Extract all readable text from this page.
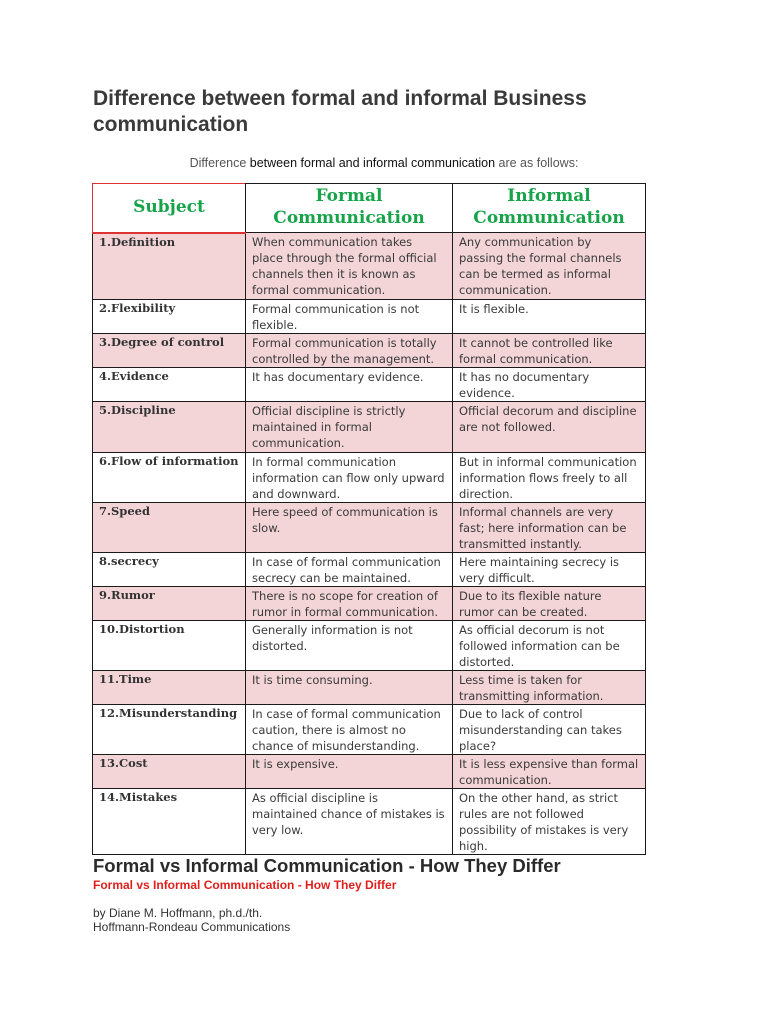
Difference between formal and informal Business communication

Difference between formal and informal communication are as follows:

Subject	Formal Communication	Informal Communication
1.Definition	When communication takes place through the formal official channels then it is known as formal communication.	Any communication by passing the formal channels can be termed as informal communication.
2.Flexibility	Formal communication is not flexible.	It is flexible.
3.Degree of control	Formal communication is totally controlled by the management.	It cannot be controlled like formal communication.
4.Evidence	It has documentary evidence.	It has no documentary evidence.
5.Discipline	Official discipline is strictly maintained in formal communication.	Official decorum and discipline are not followed.
6.Flow of information	In formal communication information can flow only upward and downward.	But in informal communication information flows freely to all direction.
7.Speed	Here speed of communication is slow.	Informal channels are very fast; here information can be transmitted instantly.
8.secrecy	In case of formal communication secrecy can be maintained.	Here maintaining secrecy is very difficult.
9.Rumor	There is no scope for creation of rumor in formal communication.	Due to its flexible nature rumor can be created.
10.Distortion	Generally information is not distorted.	As official decorum is not followed information can be distorted.
11.Time	It is time consuming.	Less time is taken for transmitting information.
12.Misunderstanding	In case of formal communication caution, there is almost no chance of misunderstanding.	Due to lack of control misunderstanding can takes place?
13.Cost	It is expensive.	It is less expensive than formal communication.
14.Mistakes	As official discipline is maintained chance of mistakes is very low.	On the other hand, as strict rules are not followed possibility of mistakes is very high.
Formal vs Informal Communication - How They Differ

Formal vs Informal Communication - How They Differ

by Diane M. Hoffmann, ph.d./th.
Hoffmann-Rondeau Communications
